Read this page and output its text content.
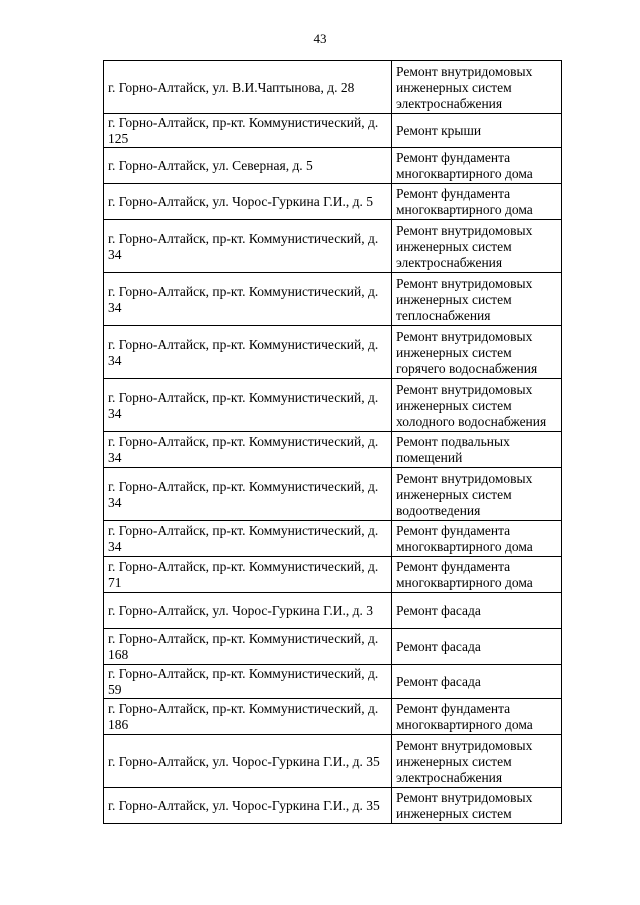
43
г. Горно-Алтайск, ул. В.И.Чаптынова, д. 28	Ремонт внутридомовых инженерных систем электроснабжения
г. Горно-Алтайск, пр-кт. Коммунистический, д. 125	Ремонт крыши
г. Горно-Алтайск, ул. Северная, д. 5	Ремонт фундамента многоквартирного дома
г. Горно-Алтайск, ул. Чорос-Гуркина Г.И., д. 5	Ремонт фундамента многоквартирного дома
г. Горно-Алтайск, пр-кт. Коммунистический, д. 34	Ремонт внутридомовых инженерных систем электроснабжения
г. Горно-Алтайск, пр-кт. Коммунистический, д. 34	Ремонт внутридомовых инженерных систем теплоснабжения
г. Горно-Алтайск, пр-кт. Коммунистический, д. 34	Ремонт внутридомовых инженерных систем горячего водоснабжения
г. Горно-Алтайск, пр-кт. Коммунистический, д. 34	Ремонт внутридомовых инженерных систем холодного водоснабжения
г. Горно-Алтайск, пр-кт. Коммунистический, д. 34	Ремонт подвальных помещений
г. Горно-Алтайск, пр-кт. Коммунистический, д. 34	Ремонт внутридомовых инженерных систем водоотведения
г. Горно-Алтайск, пр-кт. Коммунистический, д. 34	Ремонт фундамента многоквартирного дома
г. Горно-Алтайск, пр-кт. Коммунистический, д. 71	Ремонт фундамента многоквартирного дома
г. Горно-Алтайск, ул. Чорос-Гуркина Г.И., д. 3	Ремонт фасада
г. Горно-Алтайск, пр-кт. Коммунистический, д. 168	Ремонт фасада
г. Горно-Алтайск, пр-кт. Коммунистический, д. 59	Ремонт фасада
г. Горно-Алтайск, пр-кт. Коммунистический, д. 186	Ремонт фундамента многоквартирного дома
г. Горно-Алтайск, ул. Чорос-Гуркина Г.И., д. 35	Ремонт внутридомовых инженерных систем электроснабжения
г. Горно-Алтайск, ул. Чорос-Гуркина Г.И., д. 35	Ремонт внутридомовых инженерных систем
